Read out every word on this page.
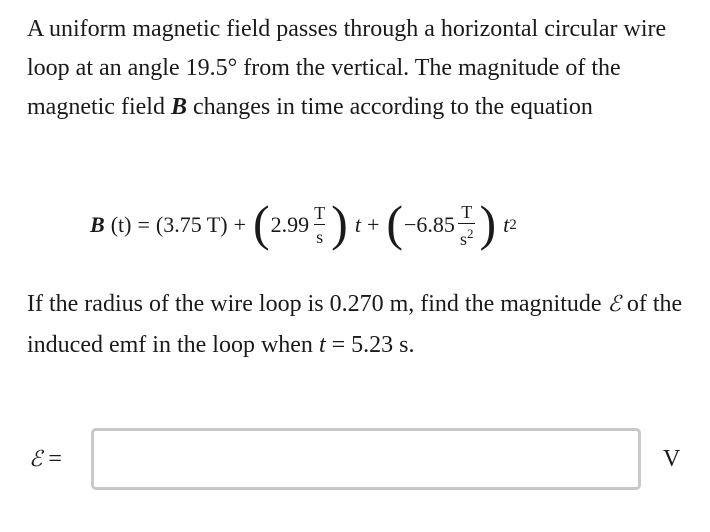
A uniform magnetic field passes through a horizontal circular wire loop at an angle 19.5° from the vertical. The magnitude of the magnetic field B changes in time according to the equation

B (t) = (3.75 T) + ( $2.99 \frac{T}{s}$ ) t + ( $-6.85 \frac{T}{s^2}$ ) t 2

If the radius of the wire loop is 0.270 m, find the magnitude ℰ of the induced emf in the loop when t = 5.23 s.

ℰ =	V
